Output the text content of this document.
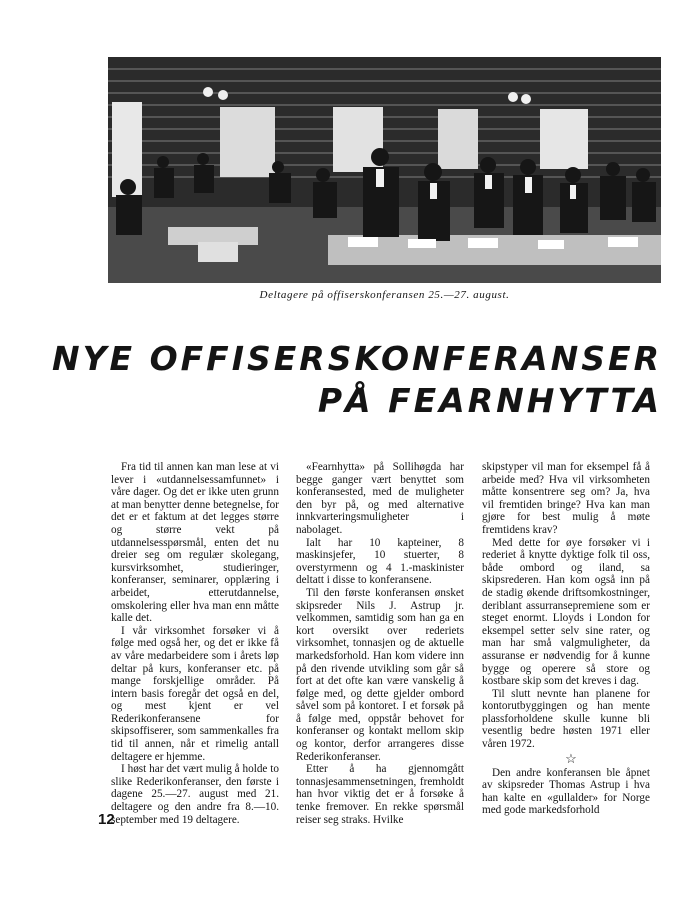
Deltagere på offiserskonferansen 25.—27. august.
NYE OFFISERSKONFERANSER
PÅ FEARNHYTTA

Fra tid til annen kan man lese at vi lever i «utdannelsessamfunnet» i våre dager. Og det er ikke uten grunn at man benytter denne betegnelse, for det er et faktum at det legges større og større vekt på utdannelsesspørsmål, enten det nu dreier seg om regulær skolegang, kursvirksomhet, studieringer, konferanser, seminarer, opplæring i arbeidet, etterutdannelse, omskolering eller hva man enn måtte kalle det.

I vår virksomhet forsøker vi å følge med også her, og det er ikke få av våre medarbeidere som i årets løp deltar på kurs, konferanser etc. på mange forskjellige områder. På intern basis foregår det også en del, og mest kjent er vel Rederikonferansene for skipsoffiserer, som sammenkalles fra tid til annen, når et rimelig antall deltagere er hjemme.

I høst har det vært mulig å holde to slike Rederikonferanser, den første i dagene 25.—27. august med 21. deltagere og den andre fra 8.—10. september med 19 deltagere.

«Fearnhytta» på Sollihøgda har begge ganger vært benyttet som konferansested, med de muligheter den byr på, og med alternative innkvarteringsmuligheter i nabolaget.

Ialt har 10 kapteiner, 8 maskinsjefer, 10 stuerter, 8 overstyrmenn og 4 1.-maskinister deltatt i disse to konferansene.

Til den første konferansen ønsket skipsreder Nils J. Astrup jr. velkommen, samtidig som han ga en kort oversikt over rederiets virksomhet, tonnasjen og de aktuelle markedsforhold. Han kom videre inn på den rivende utvikling som går så fort at det ofte kan være vanskelig å følge med, og dette gjelder ombord såvel som på kontoret. I et forsøk på å følge med, oppstår behovet for konferanser og kontakt mellom skip og kontor, derfor arrangeres disse Rederikonferanser.

Etter å ha gjennomgått tonnasjesammensetningen, fremholdt han hvor viktig det er å forsøke å tenke fremover. En rekke spørsmål reiser seg straks. Hvilke

skipstyper vil man for eksempel få å arbeide med? Hva vil virksomheten måtte konsentrere seg om? Ja, hva vil fremtiden bringe? Hva kan man gjøre for best mulig å møte fremtidens krav?

Med dette for øye forsøker vi i rederiet å knytte dyktige folk til oss, både ombord og iland, sa skipsrederen. Han kom også inn på de stadig økende driftsomkostninger, deriblant assurransepremiene som er steget enormt. Lloyds i London for eksempel setter selv sine rater, og man har små valgmuligheter, da assuranse er nødvendig for å kunne bygge og operere så store og kostbare skip som det kreves i dag.

Til slutt nevnte han planene for kontorutbyggingen og han mente plassforholdene skulle kunne bli vesentlig bedre høsten 1971 eller våren 1972.

☆

Den andre konferansen ble åpnet av skipsreder Thomas Astrup i hva han kalte en «gullalder» for Norge med gode markedsforhold

12
